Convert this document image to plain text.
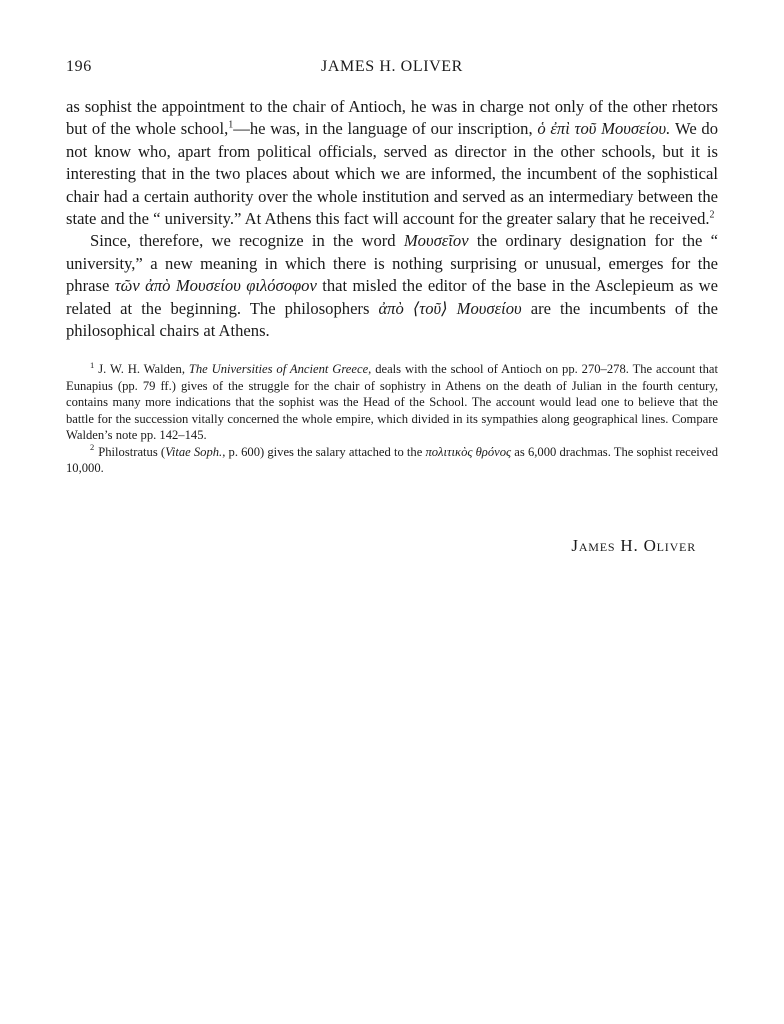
196	JAMES H. OLIVER

as sophist the appointment to the chair of Antioch, he was in charge not only of the other rhetors but of the whole school,$^1$—he was, in the language of our inscription, ὁ ἐπὶ τοῦ Μουσείου. We do not know who, apart from political officials, served as director in the other schools, but it is interesting that in the two places about which we are informed, the incumbent of the sophistical chair had a certain authority over the whole institution and served as an intermediary between the state and the “ university.” At Athens this fact will account for the greater salary that he received.$^2$

Since, therefore, we recognize in the word Μουσεῖον the ordinary designation for the “ university,” a new meaning in which there is nothing surprising or unusual, emerges for the phrase τῶν ἀπὸ Μουσείου φιλόσοφον that misled the editor of the base in the Asclepieum as we related at the beginning. The philosophers ἀπὸ ⟨τοῦ⟩ Μουσείου are the incumbents of the philosophical chairs at Athens.

$^1$ J. W. H. Walden, The Universities of Ancient Greece, deals with the school of Antioch on pp. 270–278. The account that Eunapius (pp. 79 ff.) gives of the struggle for the chair of sophistry in Athens on the death of Julian in the fourth century, contains many more indications that the sophist was the Head of the School. The account would lead one to believe that the battle for the succession vitally concerned the whole empire, which divided in its sympathies along geographical lines. Compare Walden’s note pp. 142–145.

$^2$ Philostratus (Vitae Soph., p. 600) gives the salary attached to the πολιτικὸς θρόνος as 6,000 drachmas. The sophist received 10,000.

James H. Oliver
